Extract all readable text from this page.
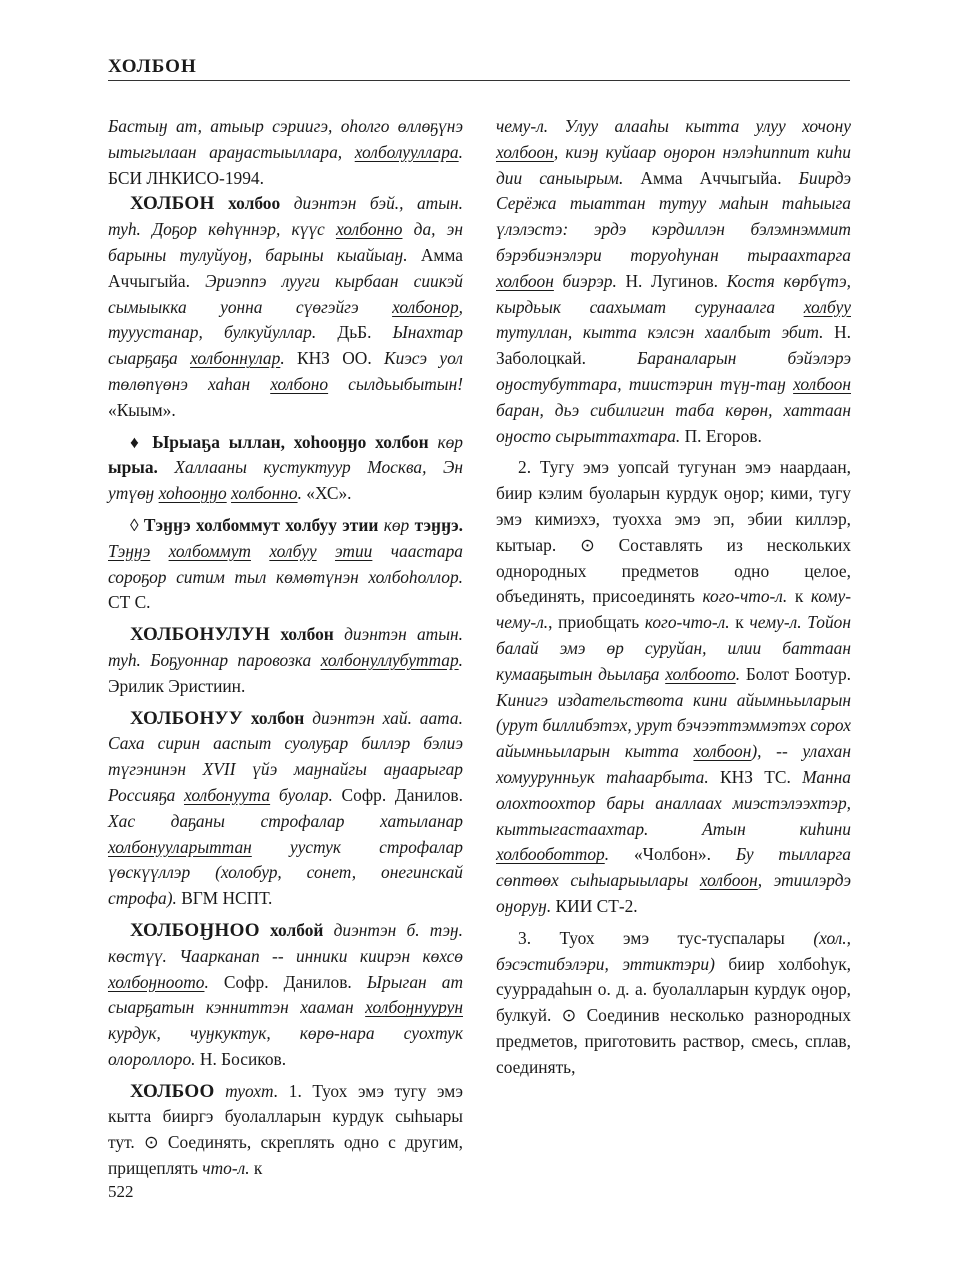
ХОЛБОН

Бастыӈ ат, атыыр сэриигэ, оһолго өллөҕүнэ ытыгылаан араӈастыыллара, холболууллара. БСИ ЛНКИСО-1994.

ХОЛБОН холбоо диэнтэн бэй., атын. туһ. Доҕор көһүннэр, күүс холбонно да, эн барыны тулуйуоӈ, барыны кыайыаӈ. Амма Аччыгыйа. Эриэппэ лууги кырбаан сиикэй сымыыкка уонна сүөгэйгэ холбонор, тууустанар, булкуйуллар. ДьБ. Ынахтар сыарҕаҕа холбоннулар. КНЗ ОО. Киэсэ уол төлөпүөнэ хаһан холбоно сылдьыбытын! «Кыым».

♦ Ырыаҕа ыллан, хоһооӈӈо холбон көр ырыа. Халлааны кустуктуур Москва, Эн утүөӈ хоһооӈӈо холбонно. «ХС».

◊ Тэӈӈэ холбоммут холбуу этии көр тэӈӈэ. Тэӈӈэ холбоммут холбуу этии чаастара сороҕор ситим тыл көмөтүнэн холбоһоллор. СТ С.

ХОЛБОНУЛУН холбон диэнтэн атын. туһ. Боҕуоннар паровозка холбонуллубуттар. Эрилик Эристиин.

ХОЛБОНУУ холбон диэнтэн хай. аата. Саха сирин ааспыт суолуҕар биллэр бэлиэ түгэнинэн XVII үйэ маӈнайгы аӈаарыгар Россияҕа холбонуута буолар. Софр. Данилов. Хас даҕаны строфалар хатыланар холбонууларыттан уустук строфалар үөскүүллэр (холобур, сонет, онегинскай строфа). ВГМ НСПТ.

ХОЛБОӇНОО холбой диэнтэн б. тэӈ. көстүү. Чаарканап -- инники киирэн көхсө холбоӈноото. Софр. Данилов. Ырыган ат сыарҕатын кэнниттэн хааман холбоӈнуурун курдук, чуӈкуктук, көрө-нара суохтук олороллоро. Н. Босиков.

ХОЛБОО туохт. 1. Туох эмэ тугу эмэ кытта бииргэ буолалларын курдук сыһыары тут. ⊙ Соединять, скреплять одно с другим, прищеплять что-л. к

чему-л. Улуу алааһы кытта улуу хочону холбоон, киэӈ куйаар оӈорон нэлэһиппит киһи дии саныырым. Амма Аччыгыйа. Биирдэ Серёжа тыаттан тутуу маһын таһыыга үлэлэстэ: эрдэ кэрдиллэн бэлэмнэммит бэрэбиэнэлэри торуоһунан тыраахтарга холбоон биэрэр. Н. Лугинов. Костя көрбүтэ, кырдьык саахымат сурунаалга холбуу тутуллан, кытта кэлсэн хаалбыт эбит. Н. Заболоцкай. Бараналарын бэйэлэрэ оӈостубуттара, тиистэрин түӈ-таӈ холбоон баран, дьэ сибилигин таба көрөн, хаттаан оӈосто сырыттахтара. П. Егоров.

2. Тугу эмэ уопсай тугунан эмэ наардаан, биир кэлим буоларын курдук оӈор; кими, тугу эмэ кимиэхэ, туохха эмэ эп, эбии киллэр, кытыар. ⊙ Составлять из нескольких однородных предметов одно целое, объединять, присоединять кого-что-л. к кому-чему-л., приобщать кого-что-л. к чему-л. Тойон балай эмэ өр суруйан, илии баттаан кумааҕытын дьылаҕа холбоото. Болот Боотур. Кинигэ издательствота кини айымньыларын (урут биллибэтэх, урут бэчээттэммэтэх сорох айымньыларын кытта холбоон), -- улахан хомуурунньук таһаарбыта. КНЗ ТС. Манна олохтоохтор бары аналлаах миэстэлээхтэр, кыттыгастаахтар. Атын киһини холбооботтор. «Чолбон». Бу тылларга сөптөөх сыһыарыылары холбоон, этиилэрдэ оӈоруӈ. КИИ СТ-2.

3. Туох эмэ тус-туспалары (хол., бэсэстибэлэри, эттиктэри) биир холбоһук, сууррадаһын о. д. а. буолалларын курдук оӈор, булкуй. ⊙ Соединив несколько разнородных предметов, приготовить раствор, смесь, сплав, соединять,

522
